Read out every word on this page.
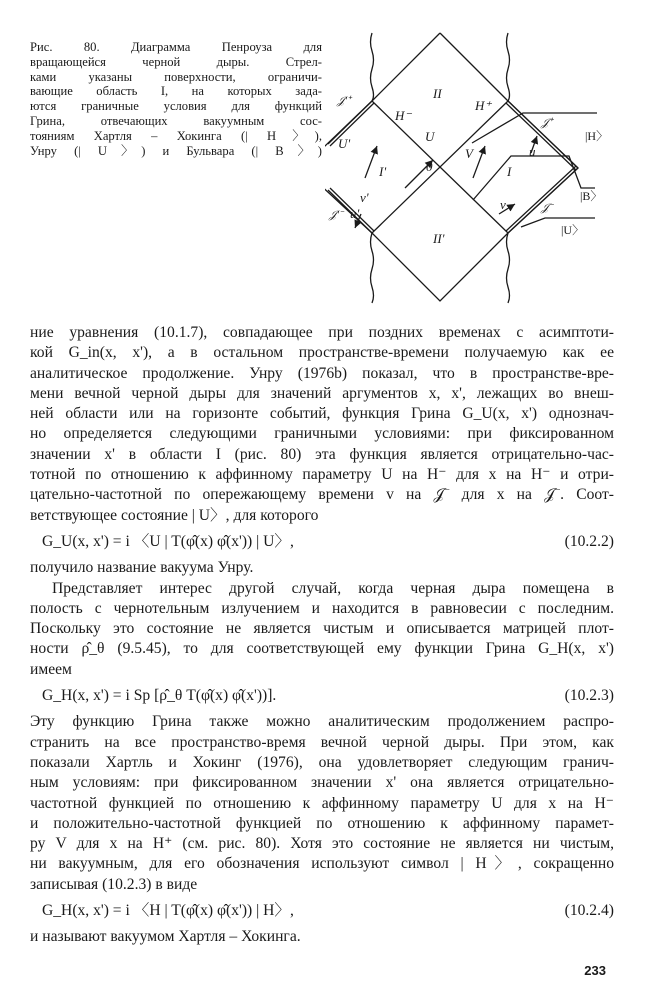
Рис. 80. Диаграмма Пенроуза для
вращающейся черной дыры. Стрел-
ками указаны поверхности, ограничи-
вающие область I, на которых зада-
ются граничные условия для функций
Грина, отвечающих вакуумным сос-
тояниям Хартля – Хокинга (| H〉),
Унру (| U〉) и Бульвара (| B〉)
II
II'
I
I'	0
H⁻
H⁺
U
V
U'
v'
u'
u
v
𝒥⁺
𝒥⁻
𝒥'⁺
𝒥'⁻
|H〉
|B〉
|U〉
ние уравнения (10.1.7), совпадающее при поздних временах с асимптоти-
кой G_in(x, x'), а в остальном пространстве-времени получаемую как ее
аналитическое продолжение. Унру (1976b) показал, что в пространстве-вре-
мени вечной черной дыры для значений аргументов x, x', лежащих во внеш-
ней области или на горизонте событий, функция Грина G_U(x, x') однознач-
но определяется следующими граничными условиями: при фиксированном
значении x' в области I (рис. 80) эта функция является отрицательно-час-
тотной по отношению к аффинному параметру U на H⁻ для x на H⁻ и отри-
цательно-частотной по опережающему времени v на 𝒥⁻ для x на 𝒥⁻. Соот-
ветствующее состояние | U〉, для которого
G_U(x, x') = i 〈U | T(φ̂(x) φ̂(x')) | U〉,	(10.2.2)
получило название вакуума Унру.
Представляет интерес другой случай, когда черная дыра помещена в
полость с чернотельным излучением и находится в равновесии с последним.
Поскольку это состояние не является чистым и описывается матрицей плот-
ности ρ̂_θ (9.5.45), то для соответствующей ему функции Грина G_H(x, x')
имеем
G_H(x, x') = i Sp [ρ̂_θ T(φ̂(x) φ̂(x'))].	(10.2.3)
Эту функцию Грина также можно аналитическим продолжением распро-
странить на все пространство-время вечной черной дыры. При этом, как
показали Хартль и Хокинг (1976), она удовлетворяет следующим гранич-
ным условиям: при фиксированном значении x' она является отрицательно-
частотной функцией по отношению к аффинному параметру U для x на H⁻
и положительно-частотной функцией по отношению к аффинному парамет-
ру V для x на H⁺ (см. рис. 80). Хотя это состояние не является ни чистым,
ни вакуумным, для его обозначения используют символ | H〉, сокращенно
записывая (10.2.3) в виде
G_H(x, x') = i 〈H | T(φ̂(x) φ̂(x')) | H〉,	(10.2.4)
и называют вакуумом Хартля – Хокинга.
233
